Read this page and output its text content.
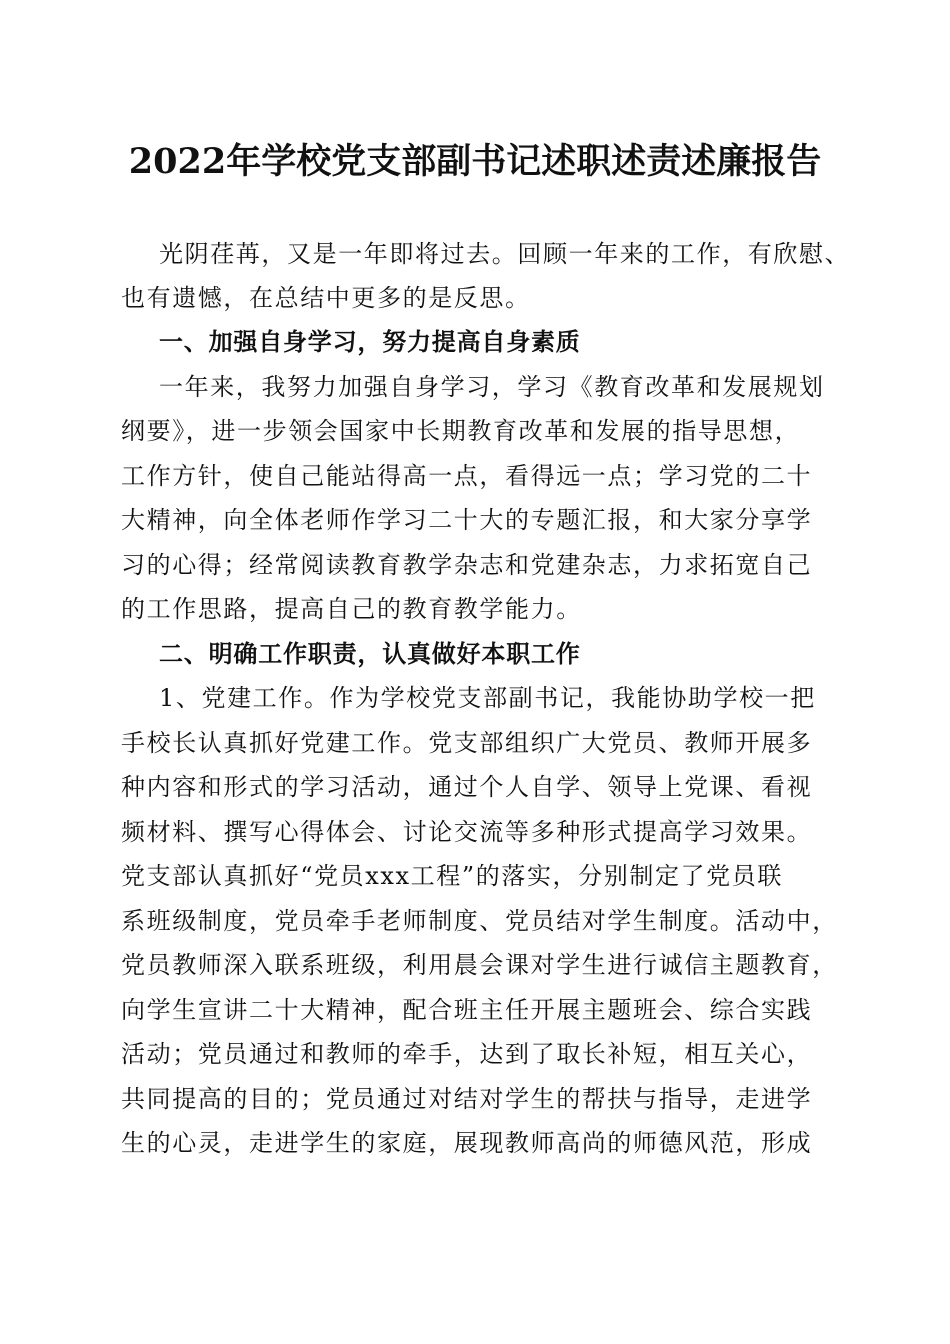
2022年学校党支部副书记述职述责述廉报告
光阴荏苒，又是一年即将过去。回顾一年来的工作，有欣慰、
也有遗憾，在总结中更多的是反思。
一、加强自身学习，努力提高自身素质
一年来，我努力加强自身学习，学习《教育改革和发展规划
纲要》，进一步领会国家中长期教育改革和发展的指导思想，
工作方针，使自己能站得高一点，看得远一点；学习党的二十
大精神，向全体老师作学习二十大的专题汇报，和大家分享学
习的心得；经常阅读教育教学杂志和党建杂志，力求拓宽自己
的工作思路，提高自己的教育教学能力。
二、明确工作职责，认真做好本职工作
1、党建工作。作为学校党支部副书记，我能协助学校一把
手校长认真抓好党建工作。党支部组织广大党员、教师开展多
种内容和形式的学习活动，通过个人自学、领导上党课、看视
频材料、撰写心得体会、讨论交流等多种形式提高学习效果。
党支部认真抓好“党员xxx工程”的落实，分别制定了党员联
系班级制度，党员牵手老师制度、党员结对学生制度。活动中，
党员教师深入联系班级，利用晨会课对学生进行诚信主题教育，
向学生宣讲二十大精神，配合班主任开展主题班会、综合实践
活动；党员通过和教师的牵手，达到了取长补短，相互关心，
共同提高的目的；党员通过对结对学生的帮扶与指导，走进学
生的心灵，走进学生的家庭，展现教师高尚的师德风范，形成
